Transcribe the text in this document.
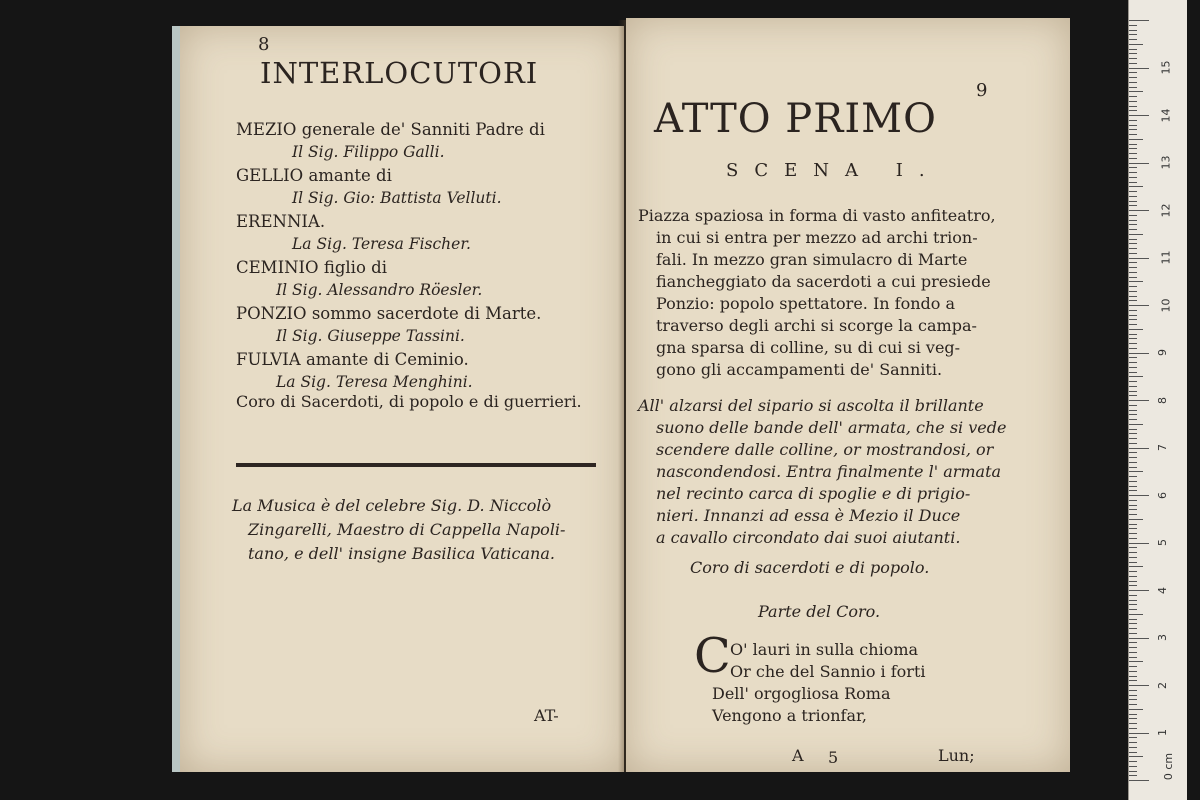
8
INTERLOCUTORI
MEZIO generale de' Sanniti Padre di
Il Sig. Filippo Galli.
GELLIO amante di
Il Sig. Gio: Battista Velluti.
ERENNIA.
La Sig. Teresa Fischer.
CEMINIO figlio di
Il Sig. Alessandro Röesler.
PONZIO sommo sacerdote di Marte.
Il Sig. Giuseppe Tassini.
FULVIA amante di Ceminio.
La Sig. Teresa Menghini.
Coro di Sacerdoti, di popolo e di guerrieri.
La Musica è del celebre Sig. D. Niccolò
Zingarelli, Maestro di Cappella Napoli-
tano, e dell' insigne Basilica Vaticana.
AT-
9
ATTO PRIMO
SCENA I.
Piazza spaziosa in forma di vasto anfiteatro,
in cui si entra per mezzo ad archi trion-
fali. In mezzo gran simulacro di Marte
fiancheggiato da sacerdoti a cui presiede
Ponzio: popolo spettatore. In fondo a
traverso degli archi si scorge la campa-
gna sparsa di colline, su di cui si veg-
gono gli accampamenti de' Sanniti.
All' alzarsi del sipario si ascolta il brillante
suono delle bande dell' armata, che si vede
scendere dalle colline, or mostrandosi, or
nascondendosi. Entra finalmente l' armata
nel recinto carca di spoglie e di prigio-
nieri. Innanzi ad essa è Mezio il Duce
a cavallo circondato dai suoi aiutanti.
Coro di sacerdoti e di popolo.
Parte del Coro.
C O' lauri in sulla chioma
Or che del Sannio i forti
Dell' orgogliosa Roma
Vengono a trionfar,
A 5	Lun;	0 cm
1
2
3
4
5
6
7
8
9
10
11
12
13
14
15
